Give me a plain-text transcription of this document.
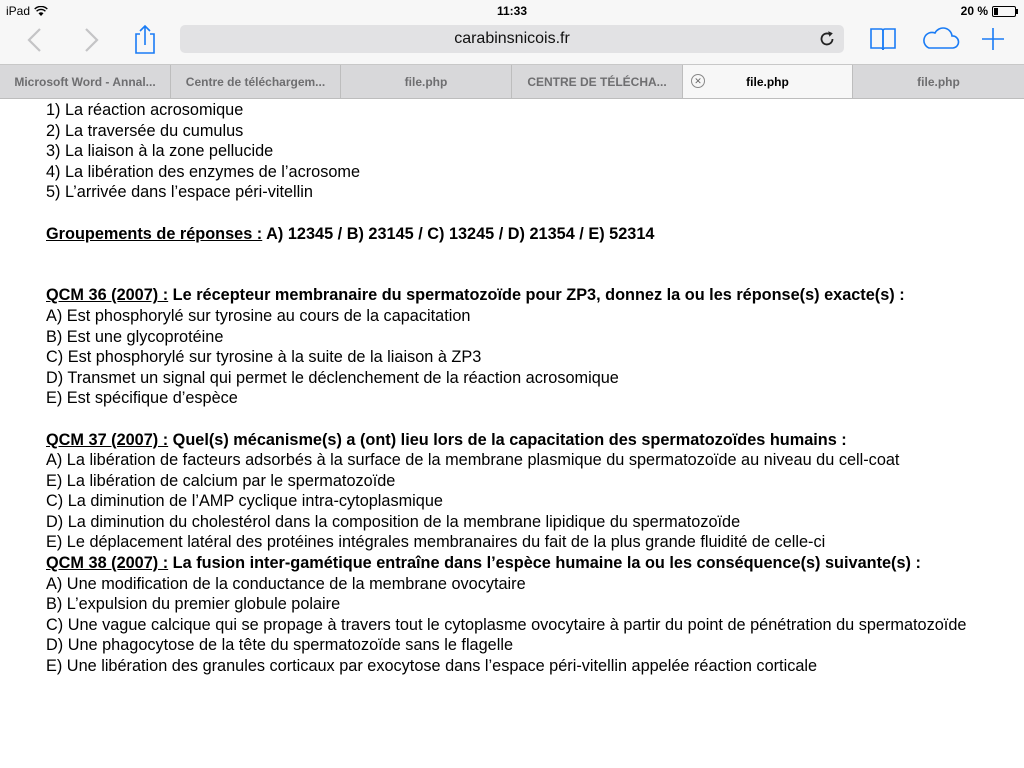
iPad	11:33	20 %
carabinsnicois.fr
Microsoft Word - Annal...	Centre de téléchargem...	file.php	CENTRE DE TÉLÉCHA...	✕	file.php	file.php

1) La réaction acrosomique

2) La traversée du cumulus

3) La liaison à la zone pellucide

4) La libération des enzymes de l’acrosome

5) L’arrivée dans l’espace péri-vitellin

Groupements de réponses : A) 12345 / B) 23145 / C) 13245 / D) 21354 / E) 52314

QCM 36 (2007) : Le récepteur membranaire du spermatozoïde pour ZP3, donnez la ou les réponse(s) exacte(s) :

A) Est phosphorylé sur tyrosine au cours de la capacitation

B) Est une glycoprotéine

C) Est phosphorylé sur tyrosine à la suite de la liaison à ZP3

D) Transmet un signal qui permet le déclenchement de la réaction acrosomique

E) Est spécifique d’espèce

QCM 37 (2007) : Quel(s) mécanisme(s) a (ont) lieu lors de la capacitation des spermatozoïdes humains :

A) La libération de facteurs adsorbés à la surface de la membrane plasmique du spermatozoïde au niveau du cell-coat

E) La libération de calcium par le spermatozoïde

C) La diminution de l’AMP cyclique intra-cytoplasmique

D) La diminution du cholestérol dans la composition de la membrane lipidique du spermatozoïde

E) Le déplacement latéral des protéines intégrales membranaires du fait de la plus grande fluidité de celle-ci

QCM 38 (2007) : La fusion inter-gamétique entraîne dans l’espèce humaine la ou les conséquence(s) suivante(s) :

A) Une modification de la conductance de la membrane ovocytaire

B) L’expulsion du premier globule polaire

C) Une vague calcique qui se propage à travers tout le cytoplasme ovocytaire à partir du point de pénétration du spermatozoïde

D) Une phagocytose de la tête du spermatozoïde sans le flagelle

E) Une libération des granules corticaux par exocytose dans l’espace péri-vitellin appelée réaction corticale
